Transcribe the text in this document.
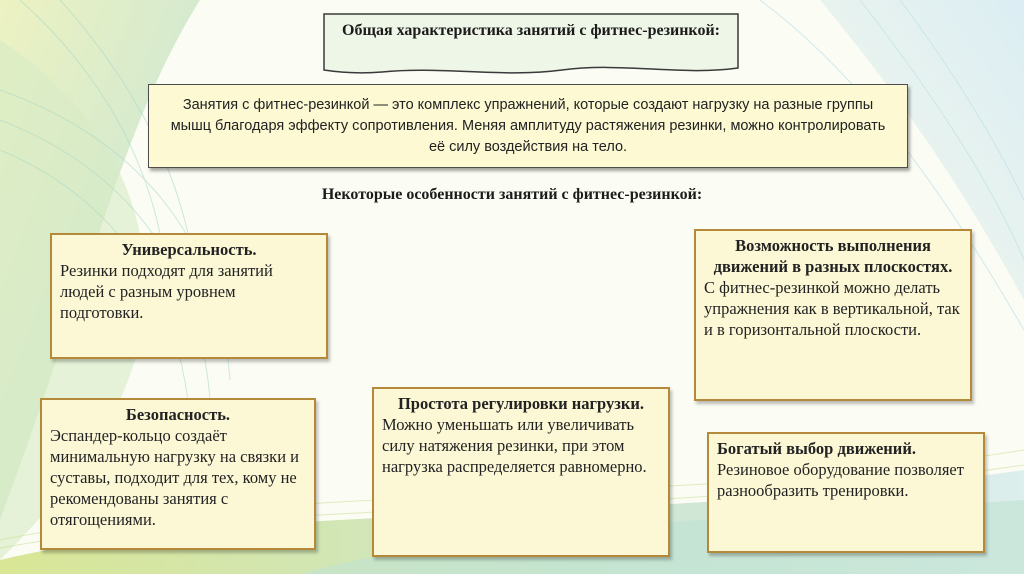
Общая характеристика занятий с фитнес-резинкой:
Занятия с фитнес-резинкой — это комплекс упражнений, которые создают нагрузку на разные группы мышц благодаря эффекту сопротивления. Меняя амплитуду растяжения резинки, можно контролировать её силу воздействия на тело.
Некоторые особенности занятий с фитнес-резинкой:
Универсальность.
Резинки подходят для занятий людей с разным уровнем подготовки.
Безопасность.
Эспандер-кольцо создаёт минимальную нагрузку на связки и суставы, подходит для тех, кому не рекомендованы занятия с отягощениями.
Простота регулировки нагрузки.
Можно уменьшать или увеличивать силу натяжения резинки, при этом нагрузка распределяется равномерно.
Возможность выполнения движений в разных плоскостях.
С фитнес-резинкой можно делать упражнения как в вертикальной, так и в горизонтальной плоскости.
Богатый выбор движений.
Резиновое оборудование позволяет разнообразить тренировки.
